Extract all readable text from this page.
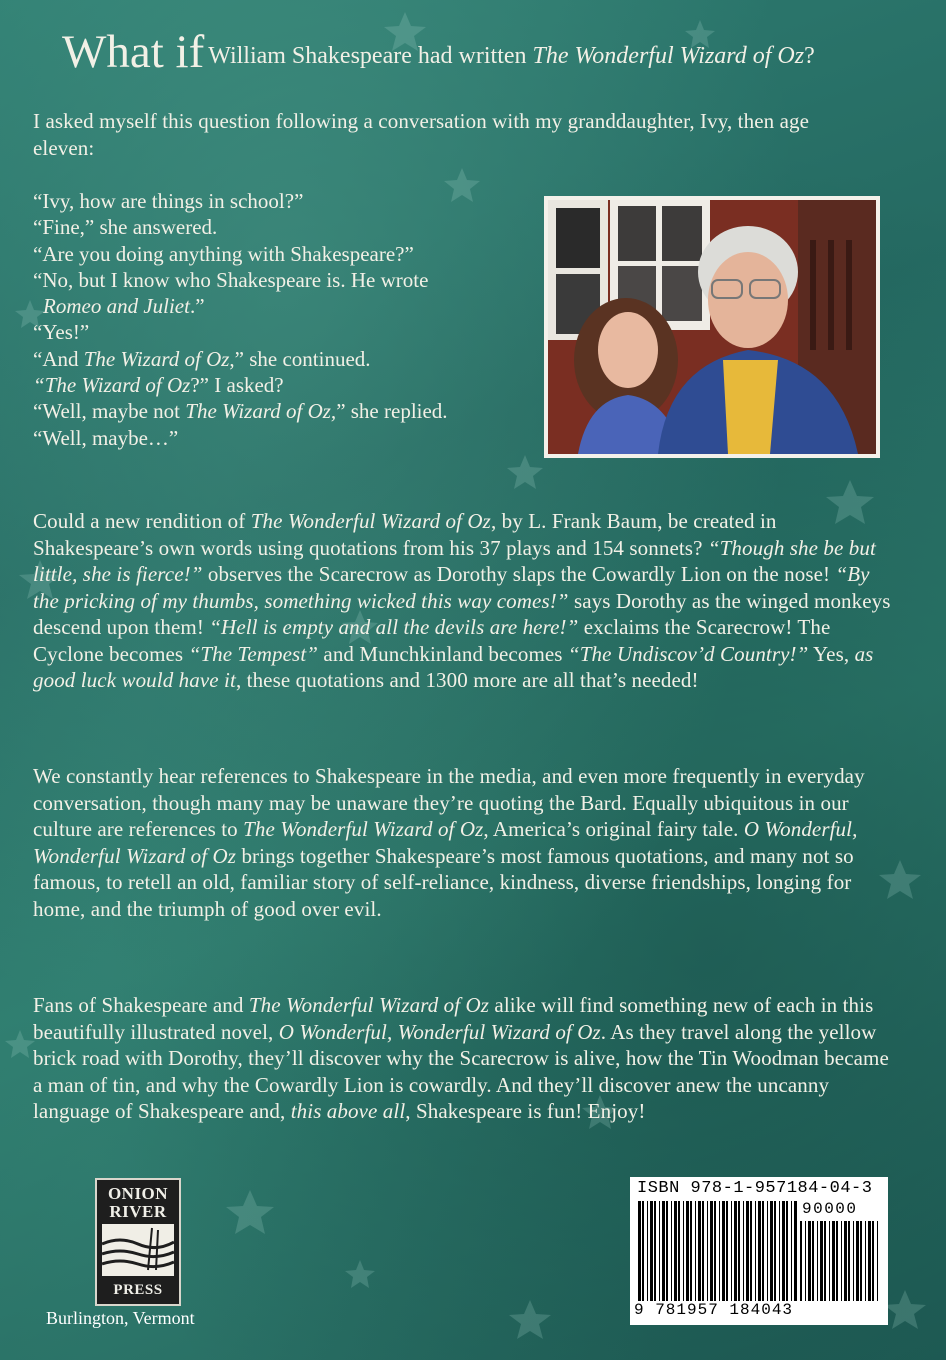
What if William Shakespeare had written The Wonderful Wizard of Oz?
I asked myself this question following a conversation with my granddaughter, Ivy, then age eleven:
“Ivy, how are things in school?”
“Fine,” she answered.
“Are you doing anything with Shakespeare?”
“No, but I know who Shakespeare is. He wrote
Romeo and Juliet.”
“Yes!”
“And The Wizard of Oz,” she continued.
“The Wizard of Oz?” I asked?
“Well, maybe not The Wizard of Oz,” she replied.
“Well, maybe…”
Could a new rendition of The Wonderful Wizard of Oz, by L. Frank Baum, be created in Shakespeare’s own words using quotations from his 37 plays and 154 sonnets? “Though she be but little, she is fierce!” observes the Scarecrow as Dorothy slaps the Cowardly Lion on the nose! “By the pricking of my thumbs, something wicked this way comes!” says Dorothy as the winged monkeys descend upon them! “Hell is empty and all the devils are here!” exclaims the Scarecrow! The Cyclone becomes “The Tempest” and Munchkinland becomes “The Undiscov’d Country!” Yes, as good luck would have it, these quotations and 1300 more are all that’s needed!
We constantly hear references to Shakespeare in the media, and even more frequently in everyday conversation, though many may be unaware they’re quoting the Bard. Equally ubiquitous in our culture are references to The Wonderful Wizard of Oz, America’s original fairy tale. O Wonderful, Wonderful Wizard of Oz brings together Shakespeare’s most famous quotations, and many not so famous, to retell an old, familiar story of self-reliance, kindness, diverse friendships, longing for home, and the triumph of good over evil.
Fans of Shakespeare and The Wonderful Wizard of Oz alike will find something new of each in this beautifully illustrated novel, O Wonderful, Wonderful Wizard of Oz. As they travel along the yellow brick road with Dorothy, they’ll discover why the Scarecrow is alive, how the Tin Woodman became a man of tin, and why the Cowardly Lion is cowardly. And they’ll discover anew the uncanny language of Shakespeare and, this above all, Shakespeare is fun! Enjoy!
ONION
RIVER
PRESS
Burlington, Vermont
ISBN 978-1-957184-04-3
90000
9 781957 184043
